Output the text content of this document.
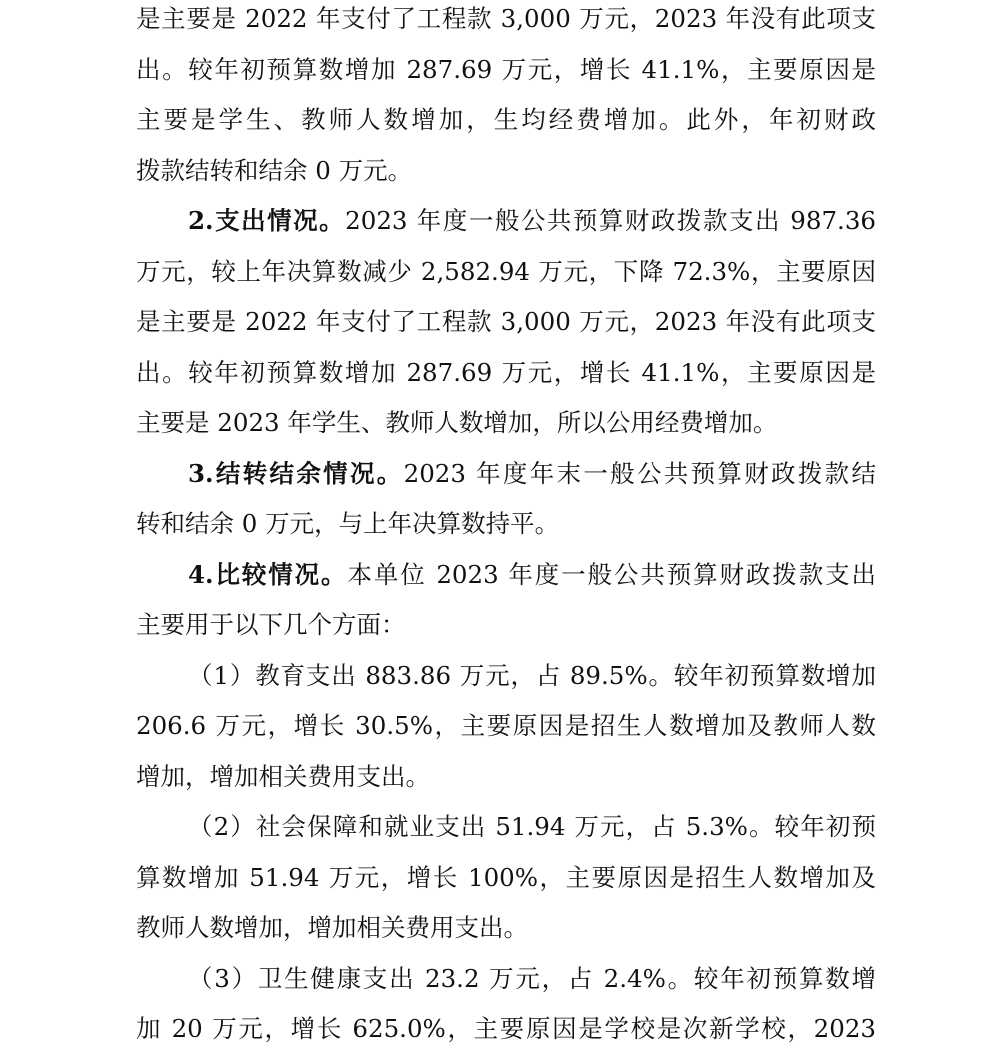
是主要是 2022 年支付了工程款 3,000 万元，2023 年没有此项支
出。较年初预算数增加 287.69 万元，增长 41.1%，主要原因是
主要是学生、教师人数增加，生均经费增加。此外，年初财政
拨款结转和结余 0 万元。
2.支出情况。2023 年度一般公共预算财政拨款支出 987.36
万元，较上年决算数减少 2,582.94 万元，下降 72.3%，主要原因
是主要是 2022 年支付了工程款 3,000 万元，2023 年没有此项支
出。较年初预算数增加 287.69 万元，增长 41.1%，主要原因是
主要是 2023 年学生、教师人数增加，所以公用经费增加。
3.结转结余情况。2023 年度年末一般公共预算财政拨款结
转和结余 0 万元，与上年决算数持平。
4.比较情况。本单位 2023 年度一般公共预算财政拨款支出
主要用于以下几个方面：
（1）教育支出 883.86 万元，占 89.5%。较年初预算数增加
206.6 万元，增长 30.5%，主要原因是招生人数增加及教师人数
增加，增加相关费用支出。
（2）社会保障和就业支出 51.94 万元，占 5.3%。较年初预
算数增加 51.94 万元，增长 100%，主要原因是招生人数增加及
教师人数增加，增加相关费用支出。
（3）卫生健康支出 23.2 万元，占 2.4%。较年初预算数增
加 20 万元，增长 625.0%，主要原因是学校是次新学校，2023
